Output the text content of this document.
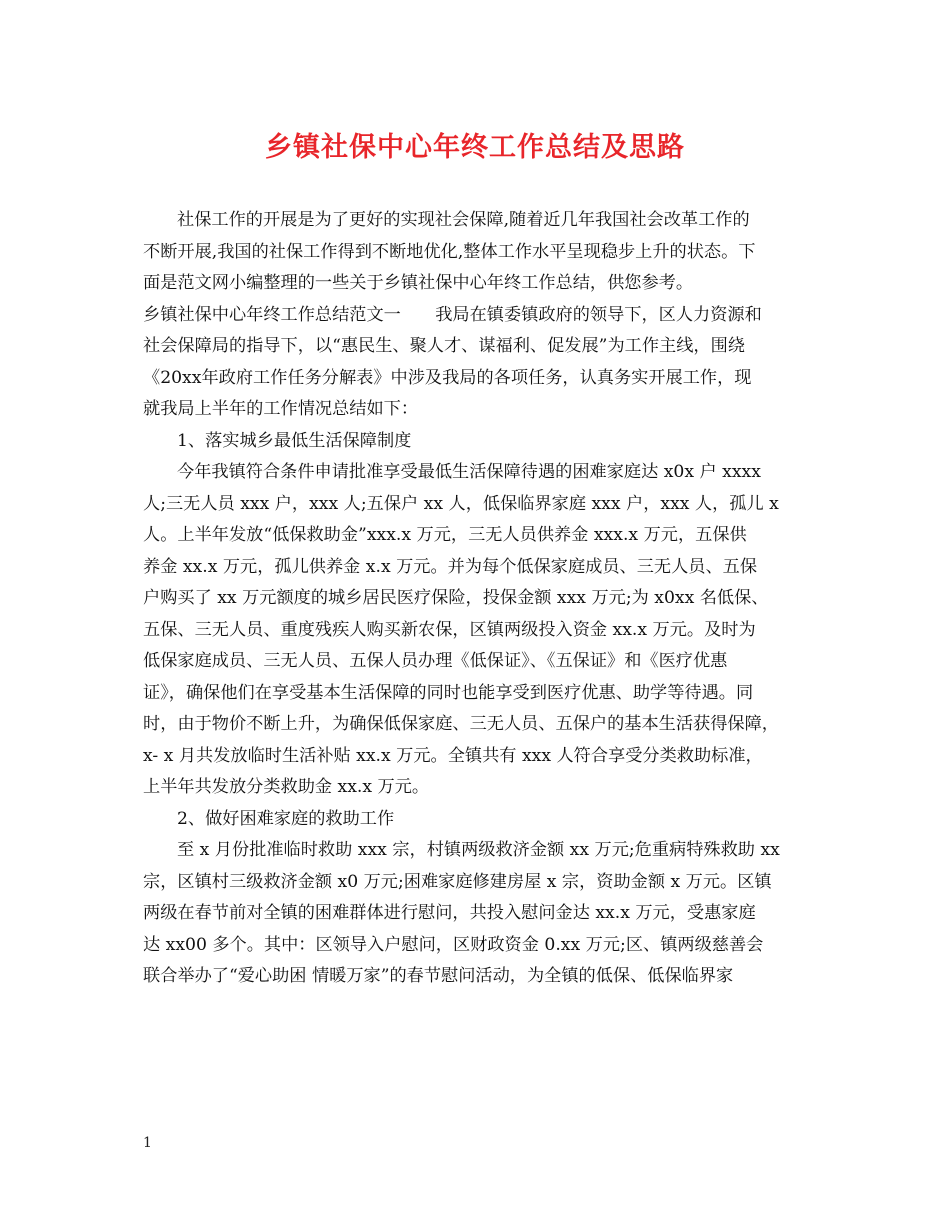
乡镇社保中心年终工作总结及思路
社保工作的开展是为了更好的实现社会保障,随着近几年我国社会改革工作的
不断开展,我国的社保工作得到不断地优化,整体工作水平呈现稳步上升的状态。下
面是范文网小编整理的一些关于乡镇社保中心年终工作总结，供您参考。
乡镇社保中心年终工作总结范文一　　我局在镇委镇政府的领导下，区人力资源和
社会保障局的指导下，以“惠民生、聚人才、谋福利、促发展”为工作主线，围绕
《20xx年政府工作任务分解表》中涉及我局的各项任务，认真务实开展工作，现
就我局上半年的工作情况总结如下：
1、落实城乡最低生活保障制度
今年我镇符合条件申请批准享受最低生活保障待遇的困难家庭达 x0x 户 xxxx
人;三无人员 xxx 户，xxx 人;五保户 xx 人，低保临界家庭 xxx 户，xxx 人，孤儿 x
人。上半年发放“低保救助金”xxx.x 万元，三无人员供养金 xxx.x 万元，五保供
养金 xx.x 万元，孤儿供养金 x.x 万元。并为每个低保家庭成员、三无人员、五保
户购买了 xx 万元额度的城乡居民医疗保险，投保金额 xxx 万元;为 x0xx 名低保、
五保、三无人员、重度残疾人购买新农保，区镇两级投入资金 xx.x 万元。及时为
低保家庭成员、三无人员、五保人员办理《低保证》、《五保证》和《医疗优惠
证》，确保他们在享受基本生活保障的同时也能享受到医疗优惠、助学等待遇。同
时，由于物价不断上升，为确保低保家庭、三无人员、五保户的基本生活获得保障，
x- x 月共发放临时生活补贴 xx.x 万元。全镇共有 xxx 人符合享受分类救助标准，
上半年共发放分类救助金 xx.x 万元。
2、做好困难家庭的救助工作
至 x 月份批准临时救助 xxx 宗，村镇两级救济金额 xx 万元;危重病特殊救助 xx
宗，区镇村三级救济金额 x0 万元;困难家庭修建房屋 x 宗，资助金额 x 万元。区镇
两级在春节前对全镇的困难群体进行慰问，共投入慰问金达 xx.x 万元，受惠家庭
达 xx00 多个。其中：区领导入户慰问，区财政资金 0.xx 万元;区、镇两级慈善会
联合举办了“爱心助困 情暖万家”的春节慰问活动，为全镇的低保、低保临界家
1
